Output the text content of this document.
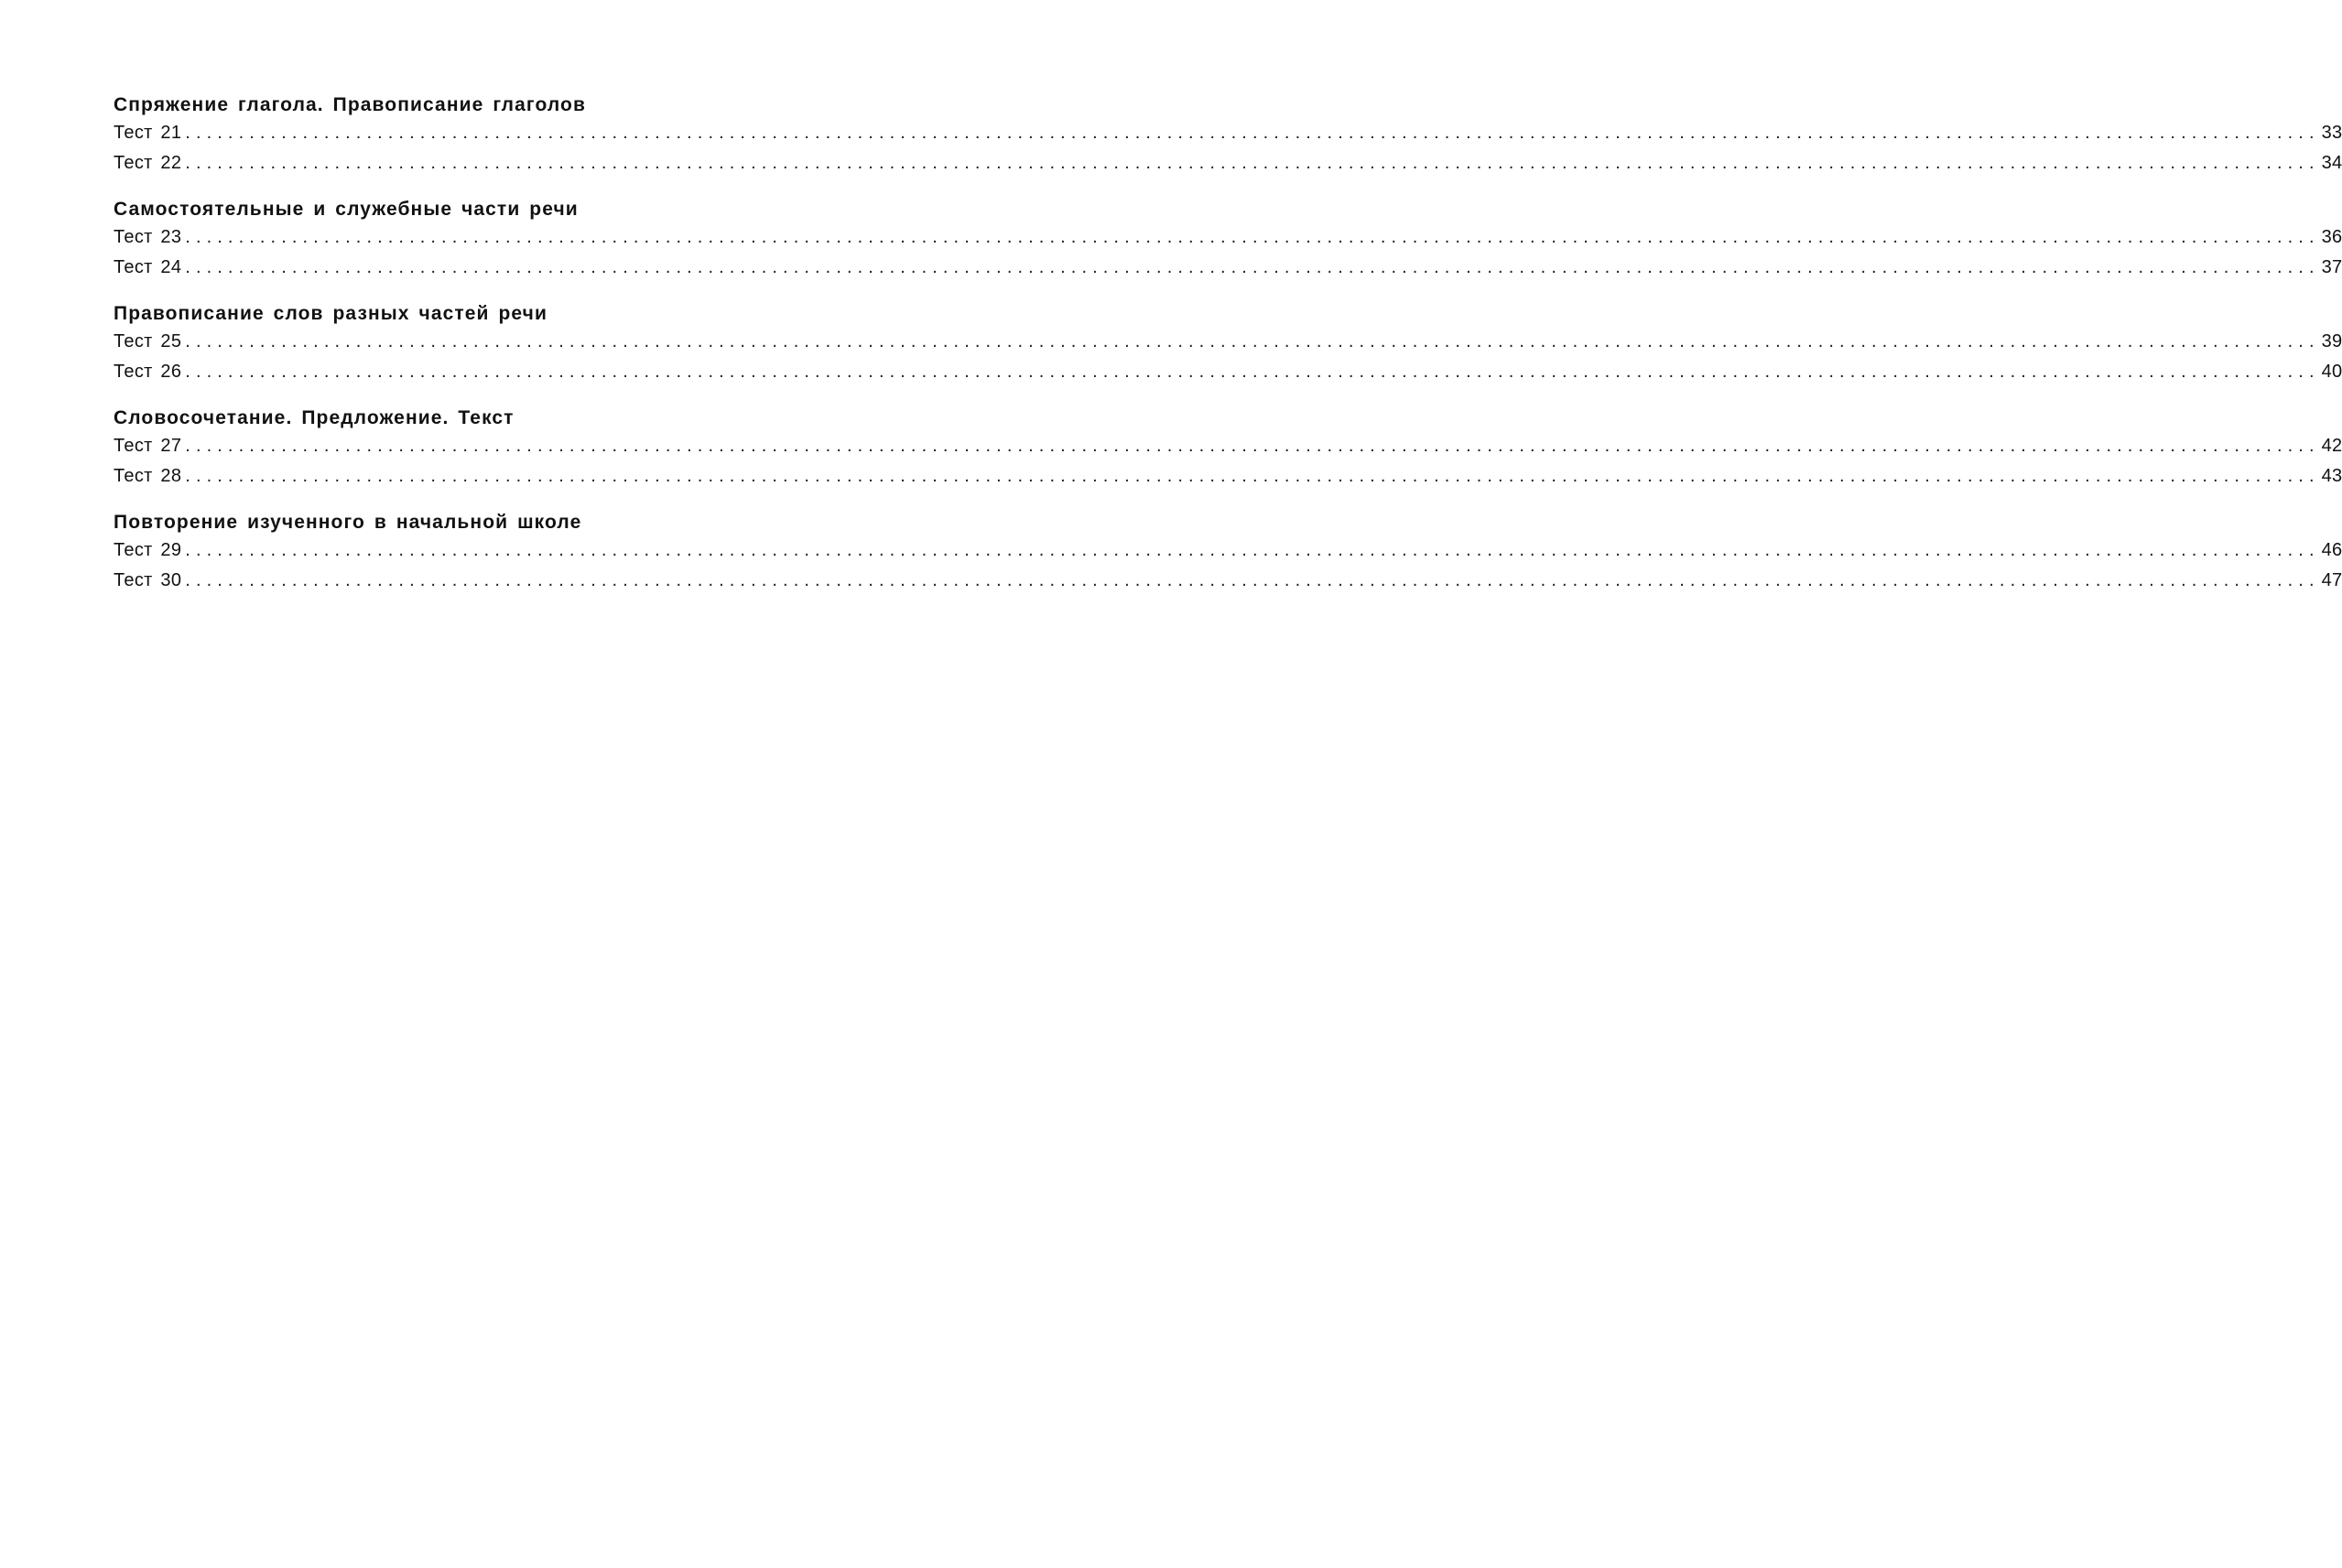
Спряжение глагола. Правописание глаголов
Тест 21 ........................................................................................................................................................................................................ 33
Тест 22 ........................................................................................................................................................................................................ 34
Самостоятельные и служебные части речи
Тест 23 ........................................................................................................................................................................................................ 36
Тест 24 ........................................................................................................................................................................................................ 37
Правописание слов разных частей речи
Тест 25 ........................................................................................................................................................................................................ 39
Тест 26 ........................................................................................................................................................................................................ 40
Словосочетание. Предложение. Текст
Тест 27 ........................................................................................................................................................................................................ 42
Тест 28 ........................................................................................................................................................................................................ 43
Повторение изученного в начальной школе
Тест 29 ........................................................................................................................................................................................................ 46
Тест 30 ........................................................................................................................................................................................................ 47
